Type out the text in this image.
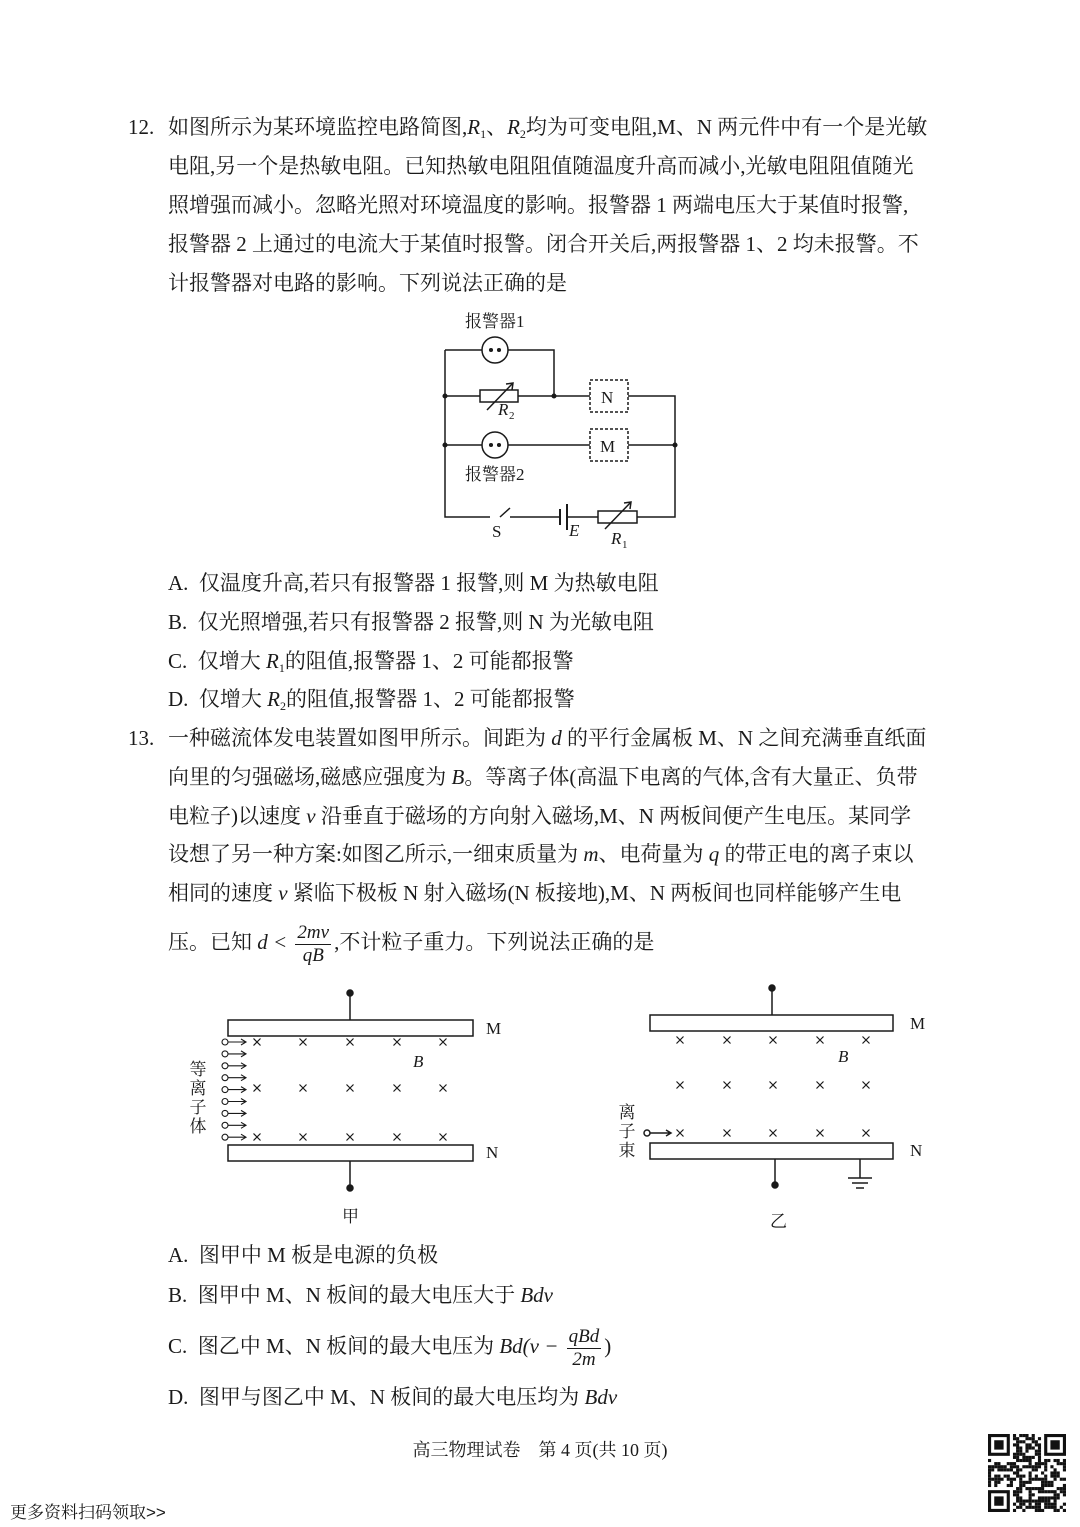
12. 如图所示为某环境监控电路简图$,R_1$、$R_2$均为可变电阻,M、N 两元件中有一个是光敏
电阻,另一个是热敏电阻。已知热敏电阻阻值随温度升高而减小,光敏电阻阻值随光
照增强而减小。忽略光照对环境温度的影响。报警器 1 两端电压大于某值时报警,
报警器 2 上通过的电流大于某值时报警。闭合开关后,两报警器 1、2 均未报警。不
计报警器对电路的影响。下列说法正确的是
A. 仅温度升高,若只有报警器 1 报警,则 M 为热敏电阻
B. 仅光照增强,若只有报警器 2 报警,则 N 为光敏电阻
C. 仅增大 $R_1$的阻值,报警器 1、2 可能都报警
D. 仅增大 $R_2$的阻值,报警器 1、2 可能都报警
13. 一种磁流体发电装置如图甲所示。间距为 d 的平行金属板 M、N 之间充满垂直纸面
向里的匀强磁场,磁感应强度为 B。等离子体(高温下电离的气体,含有大量正、负带
电粒子)以速度 v 沿垂直于磁场的方向射入磁场,M、N 两板间便产生电压。某同学
设想了另一种方案:如图乙所示,一细束质量为 m、电荷量为 q 的带正电的离子束以
相同的速度 v 紧临下极板 N 射入磁场(N 板接地),M、N 两板间也同样能够产生电
压。已知 $d < \frac{2mv}{qB}$ ,不计粒子重力。下列说法正确的是
A. 图甲中 M 板是电源的负极
B. 图甲中 M、N 板间的最大电压大于 Bdv
C. 图乙中 M、N 板间的最大电压为 $Bd(v - \frac{\text{qBd}}{2m}$ )
D. 图甲与图乙中 M、N 板间的最大电压均为 Bdv
报警器1
N
M
报警器2
S	E R 1
R 2
M
N
B
甲
等离子体
M
N
B
乙
离子束
高三物理试卷　第 4 页(共 10 页)
更多资料扫码领取>>
